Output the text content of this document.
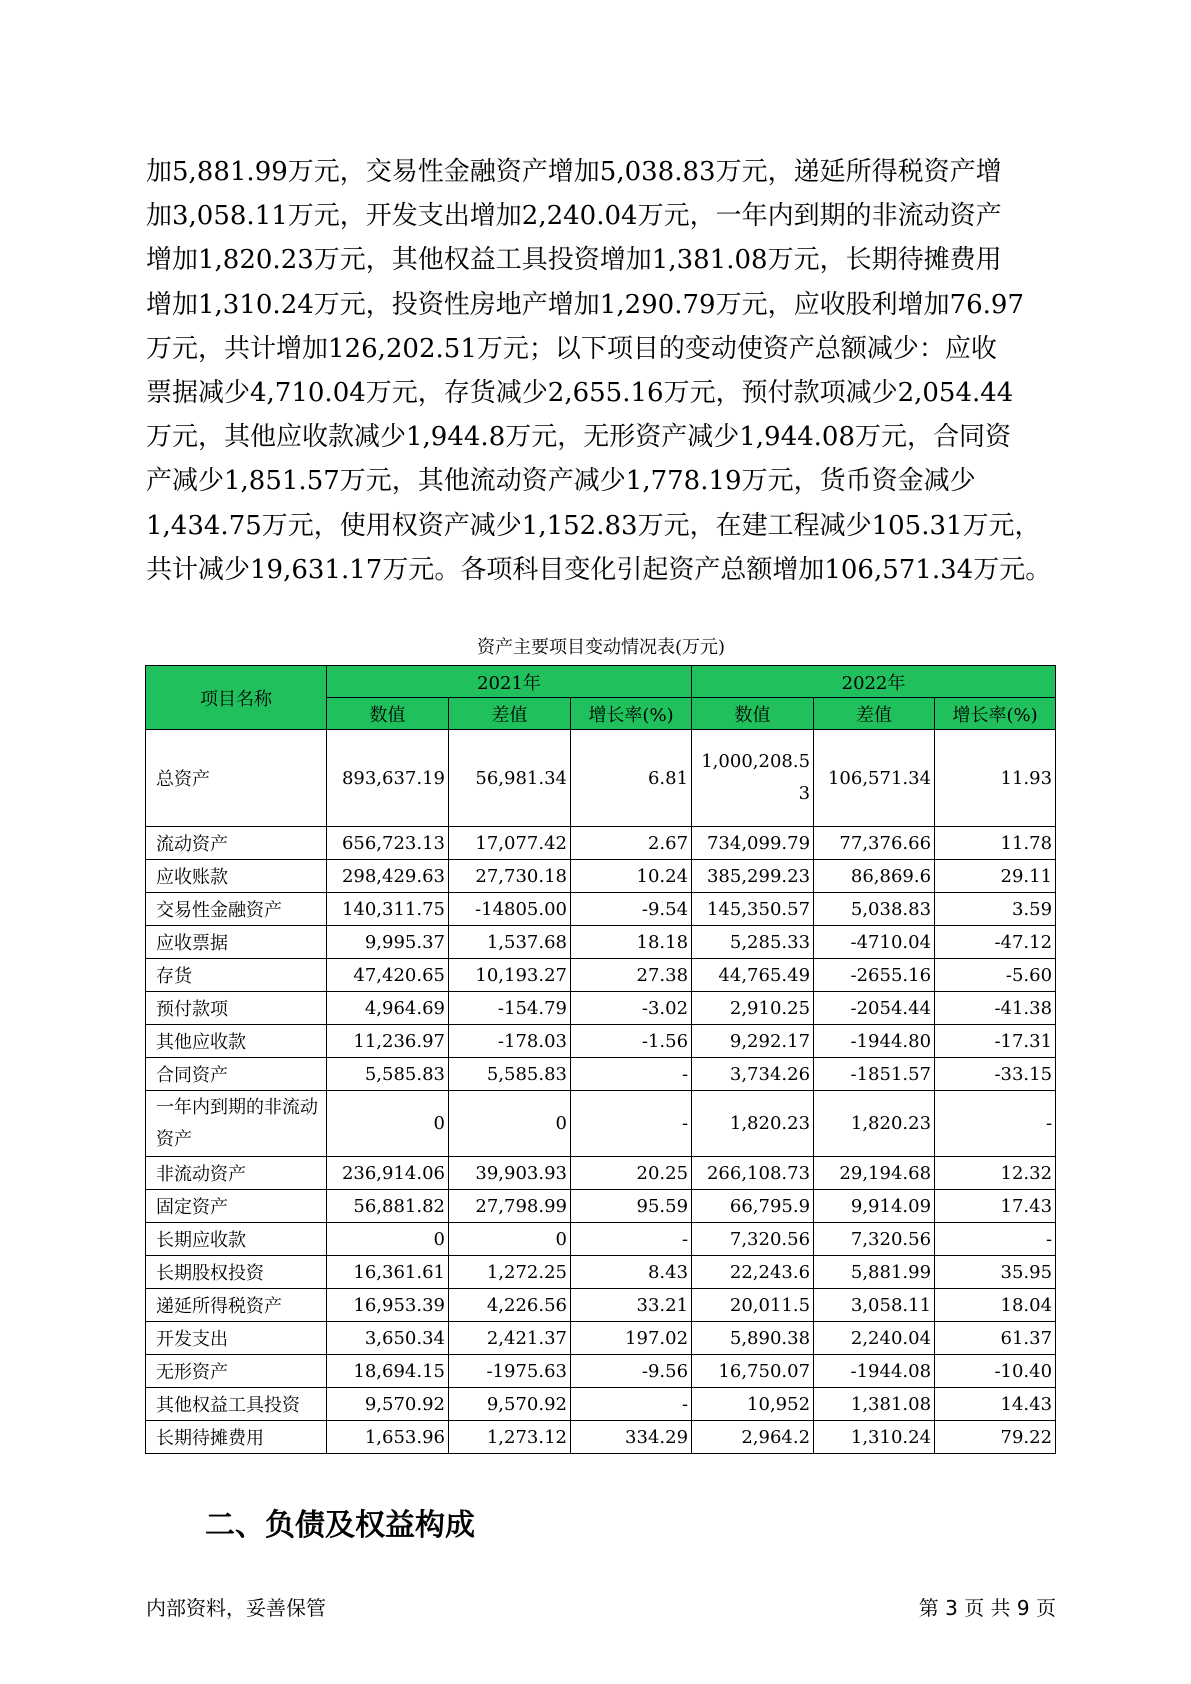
加5,881.99万元，交易性金融资产增加5,038.83万元，递延所得税资产增
加3,058.11万元，开发支出增加2,240.04万元，一年内到期的非流动资产
增加1,820.23万元，其他权益工具投资增加1,381.08万元，长期待摊费用
增加1,310.24万元，投资性房地产增加1,290.79万元，应收股利增加76.97
万元，共计增加126,202.51万元；以下项目的变动使资产总额减少：应收
票据减少4,710.04万元，存货减少2,655.16万元，预付款项减少2,054.44
万元，其他应收款减少1,944.8万元，无形资产减少1,944.08万元，合同资
产减少1,851.57万元，其他流动资产减少1,778.19万元，货币资金减少
1,434.75万元，使用权资产减少1,152.83万元，在建工程减少105.31万元，
共计减少19,631.17万元。各项科目变化引起资产总额增加106,571.34万元。
资产主要项目变动情况表(万元)
项目名称	2021年			2022年		
	数值	差值	增长率(%)	数值	差值	增长率(%)
总资产	893,637.19	56,981.34	6.81	1,000,208.53	106,571.34	11.93
流动资产	656,723.13	17,077.42	2.67	734,099.79	77,376.66	11.78
应收账款	298,429.63	27,730.18	10.24	385,299.23	86,869.6	29.11
交易性金融资产	140,311.75	-14805.00	-9.54	145,350.57	5,038.83	3.59
应收票据	9,995.37	1,537.68	18.18	5,285.33	-4710.04	-47.12
存货	47,420.65	10,193.27	27.38	44,765.49	-2655.16	-5.60
预付款项	4,964.69	-154.79	-3.02	2,910.25	-2054.44	-41.38
其他应收款	11,236.97	-178.03	-1.56	9,292.17	-1944.80	-17.31
合同资产	5,585.83	5,585.83	-	3,734.26	-1851.57	-33.15
一年内到期的非流动资产	0	0	-	1,820.23	1,820.23	-
非流动资产	236,914.06	39,903.93	20.25	266,108.73	29,194.68	12.32
固定资产	56,881.82	27,798.99	95.59	66,795.9	9,914.09	17.43
长期应收款	0	0	-	7,320.56	7,320.56	-
长期股权投资	16,361.61	1,272.25	8.43	22,243.6	5,881.99	35.95
递延所得税资产	16,953.39	4,226.56	33.21	20,011.5	3,058.11	18.04
开发支出	3,650.34	2,421.37	197.02	5,890.38	2,240.04	61.37
无形资产	18,694.15	-1975.63	-9.56	16,750.07	-1944.08	-10.40
其他权益工具投资	9,570.92	9,570.92	-	10,952	1,381.08	14.43
长期待摊费用	1,653.96	1,273.12	334.29	2,964.2	1,310.24	79.22
二、负债及权益构成
内部资料，妥善保管	第 3 页 共 9 页
